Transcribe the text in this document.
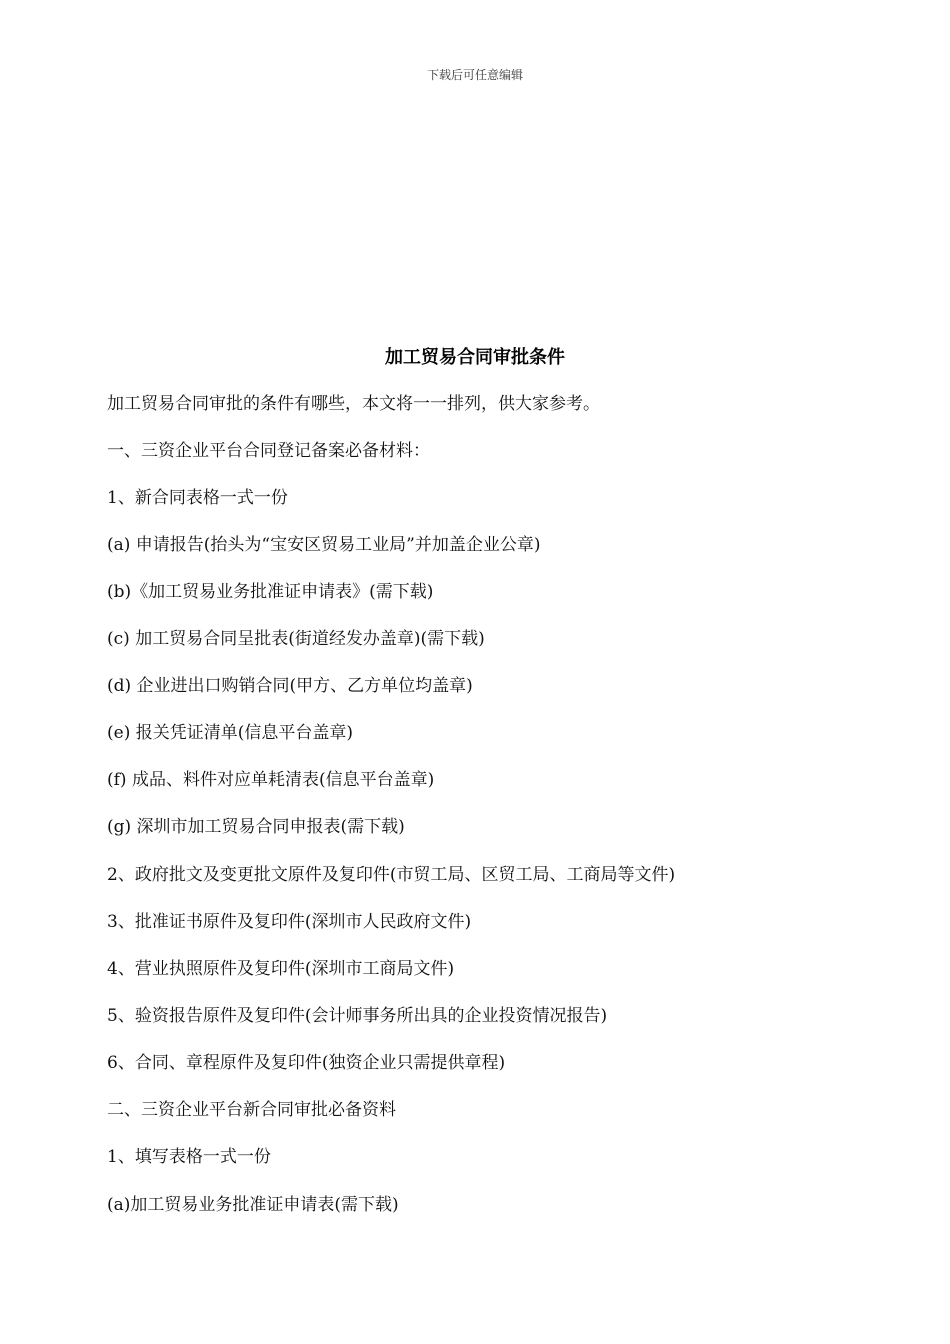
下载后可任意编辑
加工贸易合同审批条件
加工贸易合同审批的条件有哪些，本文将一一排列，供大家参考。
一、三资企业平台合同登记备案必备材料：
1、新合同表格一式一份
(a) 申请报告(抬头为“宝安区贸易工业局”并加盖企业公章)
(b)《加工贸易业务批准证申请表》(需下载)
(c) 加工贸易合同呈批表(街道经发办盖章)(需下载)
(d) 企业进出口购销合同(甲方、乙方单位均盖章)
(e) 报关凭证清单(信息平台盖章)
(f) 成品、料件对应单耗清表(信息平台盖章)
(g) 深圳市加工贸易合同申报表(需下载)
2、政府批文及变更批文原件及复印件(市贸工局、区贸工局、工商局等文件)
3、批准证书原件及复印件(深圳市人民政府文件)
4、营业执照原件及复印件(深圳市工商局文件)
5、验资报告原件及复印件(会计师事务所出具的企业投资情况报告)
6、合同、章程原件及复印件(独资企业只需提供章程)
二、三资企业平台新合同审批必备资料
1、填写表格一式一份
(a)加工贸易业务批准证申请表(需下载)
